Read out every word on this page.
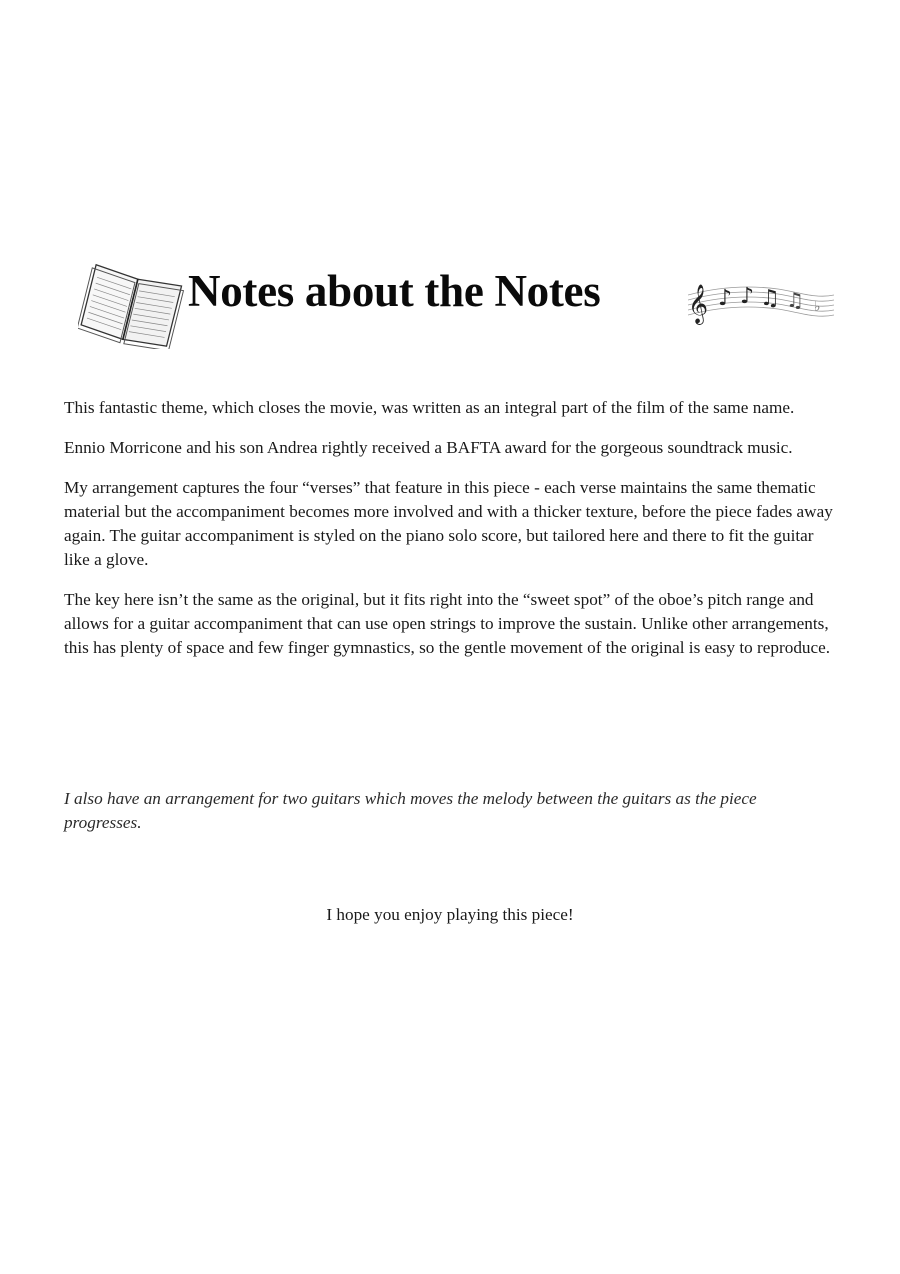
Notes about the Notes	𝄞 ♪ ♪ ♫ ♫ ♭

This fantastic theme, which closes the movie, was written as an integral part of the film of the same name.

Ennio Morricone and his son Andrea rightly received a BAFTA award for the gorgeous soundtrack music.

My arrangement captures the four “verses” that feature in this piece - each verse maintains the same thematic material but the accompaniment becomes more involved and with a thicker texture, before the piece fades away again. The guitar accompaniment is styled on the piano solo score, but tailored here and there to fit the guitar like a glove.

The key here isn’t the same as the original, but it fits right into the “sweet spot” of the oboe’s pitch range and allows for a guitar accompaniment that can use open strings to improve the sustain. Unlike other arrangements, this has plenty of space and few finger gymnastics, so the gentle movement of the original is easy to reproduce.

I also have an arrangement for two guitars which moves the melody between the guitars as the piece progresses.

I hope you enjoy playing this piece!
